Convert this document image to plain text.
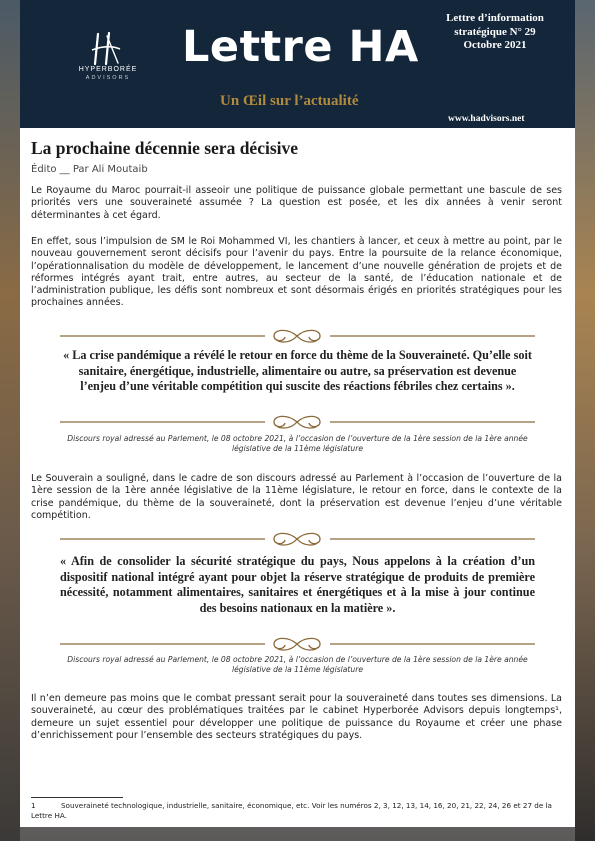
HYPERBORÉE
ADVISORS
Lettre HA
Un Œil sur l’actualité
Lettre d’information
stratégique N° 29
Octobre 2021
www.hadvisors.net
La prochaine décennie sera décisive
Édito __ Par Ali Moutaib

Le Royaume du Maroc pourrait-il asseoir une politique de puissance globale permettant une bascule de ses priorités vers une souveraineté assumée ? La question est posée, et les dix années à venir seront déterminantes à cet égard.

En effet, sous l’impulsion de SM le Roi Mohammed VI, les chantiers à lancer, et ceux à mettre au point, par le nouveau gouvernement seront décisifs pour l’avenir du pays. Entre la poursuite de la relance économique, l’opérationnalisation du modèle de développement, le lancement d’une nouvelle génération de projets et de réformes intégrés ayant trait, entre autres, au secteur de la santé, de l’éducation nationale et de l’administration publique, les défis sont nombreux et sont désormais érigés en priorités stratégiques pour les prochaines années.

« La crise pandémique a révélé le retour en force du thème de la Souveraineté. Qu’elle soit sanitaire, énergétique, industrielle, alimentaire ou autre, sa préservation est devenue l’enjeu d’une véritable compétition qui suscite des réactions fébriles chez certains ».

Discours royal adressé au Parlement, le 08 octobre 2021, à l’occasion de l’ouverture de la 1ère session de la 1ère année législative de la 11ème législature

Le Souverain a souligné, dans le cadre de son discours adressé au Parlement à l’occasion de l’ouverture de la 1ère session de la 1ère année législative de la 11ème législature, le retour en force, dans le contexte de la crise pandémique, du thème de la souveraineté, dont la préservation est devenue l’enjeu d’une véritable compétition.

« Afin de consolider la sécurité stratégique du pays, Nous appelons à la création d’un dispositif national intégré ayant pour objet la réserve stratégique de produits de première nécessité, notamment alimentaires, sanitaires et énergétiques et à la mise à jour continue des besoins nationaux en la matière ».

Discours royal adressé au Parlement, le 08 octobre 2021, à l’occasion de l’ouverture de la 1ère session de la 1ère année législative de la 11ème législature

Il n’en demeure pas moins que le combat pressant serait pour la souveraineté dans toutes ses dimensions. La souveraineté, au cœur des problématiques traitées par le cabinet Hyperborée Advisors depuis longtemps¹, demeure un sujet essentiel pour développer une politique de puissance du Royaume et créer une phase d’enrichissement pour l’ensemble des secteurs stratégiques du pays.

1	Souveraineté technologique, industrielle, sanitaire, économique, etc. Voir les numéros 2, 3, 12, 13, 14, 16, 20, 21, 22, 24, 26 et 27 de la Lettre HA.
